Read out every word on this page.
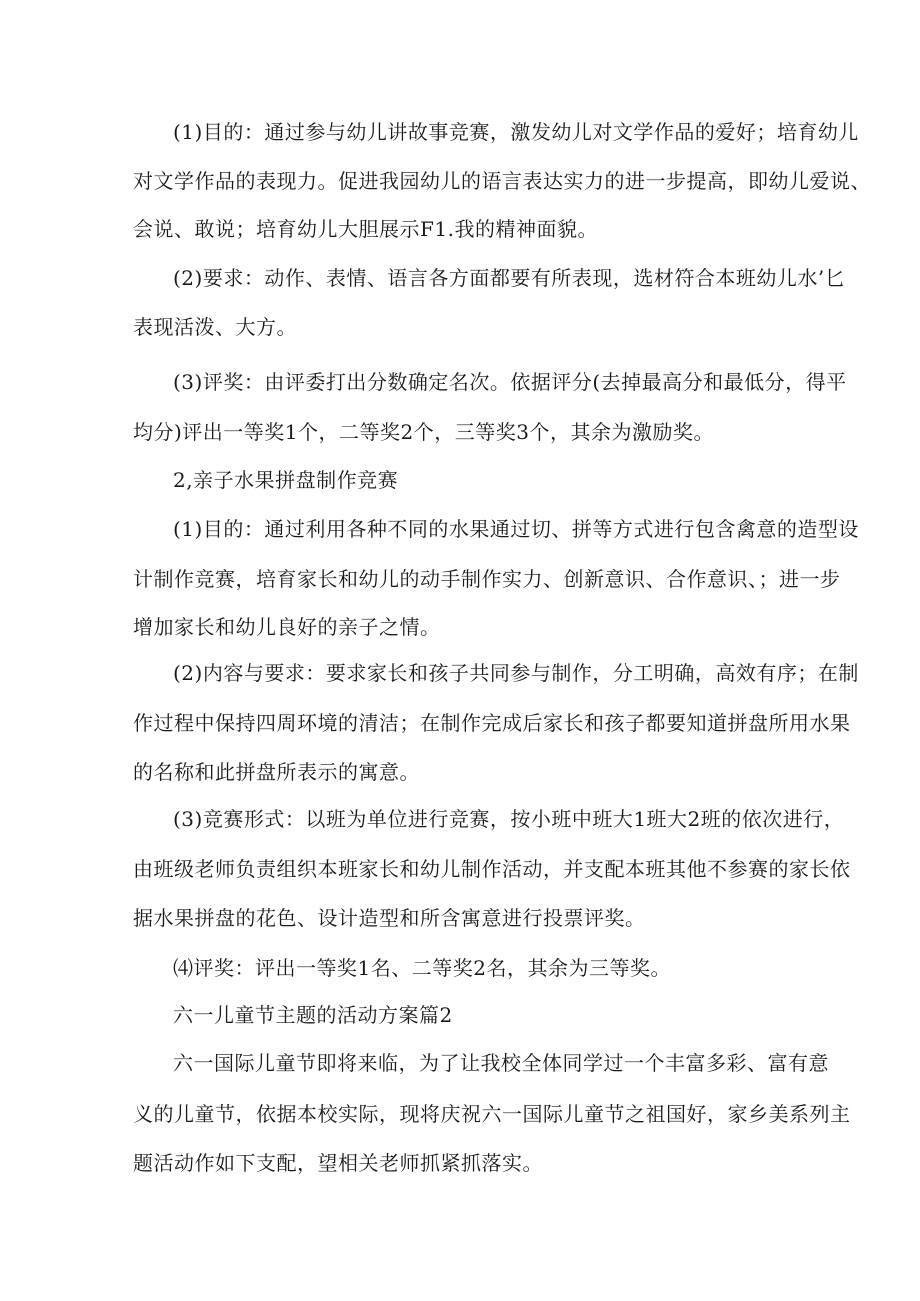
(1)目的：通过参与幼儿讲故事竞赛，激发幼儿对文学作品的爱好；培育幼儿
对文学作品的表现力。促进我园幼儿的语言表达实力的进一步提高，即幼儿爱说、
会说、敢说；培育幼儿大胆展示F1.我的精神面貌。
(2)要求：动作、表情、语言各方面都要有所表现，选材符合本班幼儿水’匕
表现活泼、大方。
(3)评奖：由评委打出分数确定名次。依据评分(去掉最高分和最低分，得平
均分)评出一等奖1个，二等奖2个，三等奖3个，其余为激励奖。
2,亲子水果拼盘制作竞赛
(1)目的：通过利用各种不同的水果通过切、拼等方式进行包含禽意的造型设
计制作竞赛，培育家长和幼儿的动手制作实力、创新意识、合作意识、；进一步
增加家长和幼儿良好的亲子之情。
(2)内容与要求：要求家长和孩子共同参与制作，分工明确，高效有序；在制
作过程中保持四周环境的清洁；在制作完成后家长和孩子都要知道拼盘所用水果
的名称和此拼盘所表示的寓意。
(3)竞赛形式：以班为单位进行竞赛，按小班中班大1班大2班的依次进行，
由班级老师负责组织本班家长和幼儿制作活动，并支配本班其他不参赛的家长依
据水果拼盘的花色、设计造型和所含寓意进行投票评奖。
⑷评奖：评出一等奖1名、二等奖2名，其余为三等奖。
六一儿童节主题的活动方案篇2
六一国际儿童节即将来临，为了让我校全体同学过一个丰富多彩、富有意
义的儿童节，依据本校实际，现将庆祝六一国际儿童节之祖国好，家乡美系列主
题活动作如下支配，望相关老师抓紧抓落实。
